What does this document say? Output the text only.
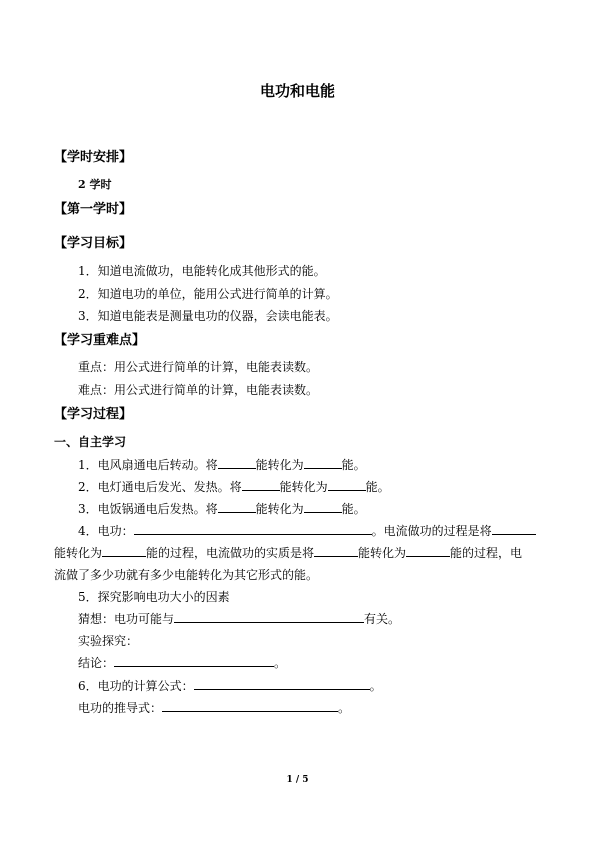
电功和电能
【学时安排】
2 学时
【第一学时】
【学习目标】
1．知道电流做功，电能转化成其他形式的能。
2．知道电功的单位，能用公式进行简单的计算。
3．知道电能表是测量电功的仪器，会读电能表。
【学习重难点】
重点：用公式进行简单的计算，电能表读数。
难点：用公式进行简单的计算，电能表读数。
【学习过程】
一、自主学习
1．电风扇通电后转动。将	能转化为	能。
2．电灯通电后发光、发热。将	能转化为	能。
3．电饭锅通电后发热。将	能转化为	能。
4．电功：	。电流做功的过程是将
能转化为	能的过程，电流做功的实质是将	能转化为	能的过程，电
流做了多少功就有多少电能转化为其它形式的能。
5．探究影响电功大小的因素
猜想：电功可能与	有关。
实验探究：
结论：	。
6．电功的计算公式：	。
电功的推导式：	。
1 / 5
